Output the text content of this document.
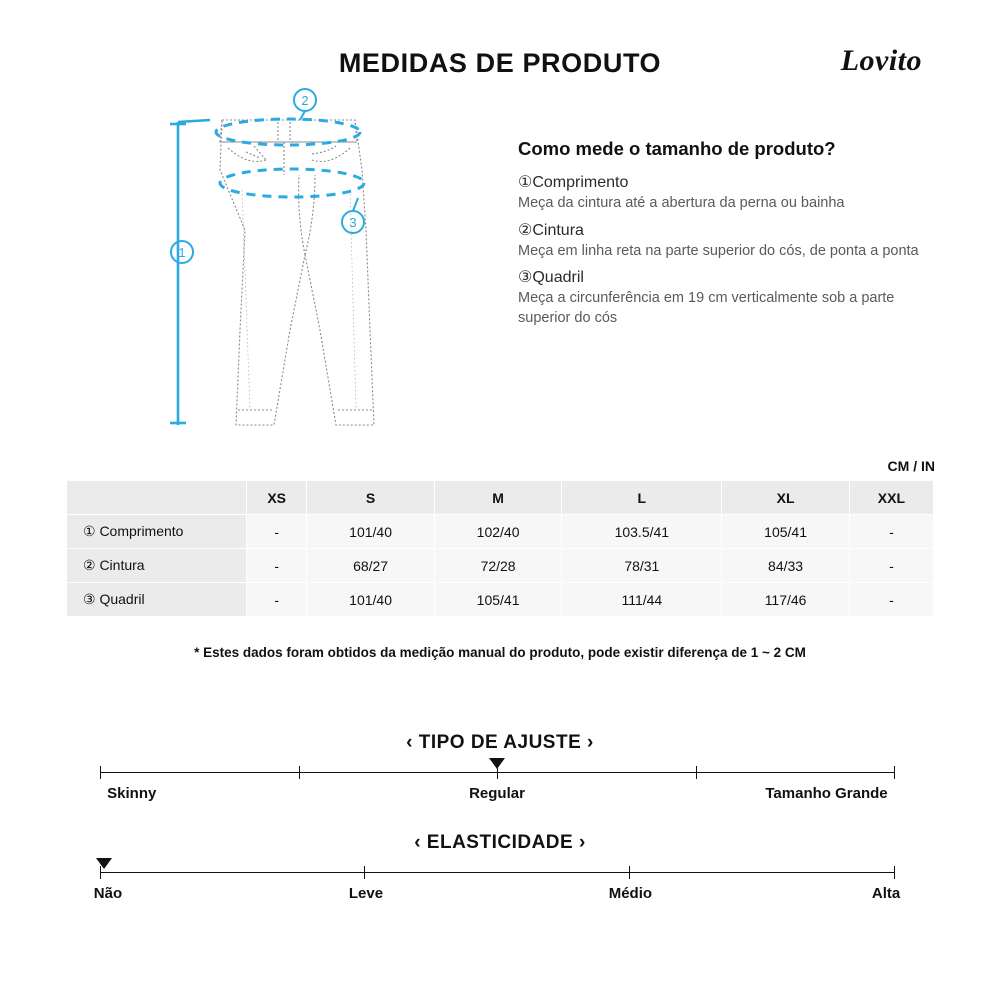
MEDIDAS DE PRODUTO	Lovito
2
3
1
Como mede o tamanho de produto?
①Comprimento
Meça da cintura até a abertura da perna ou bainha
②Cintura
Meça em linha reta na parte superior do cós, de ponta a ponta
③Quadril
Meça a circunferência em 19 cm verticalmente sob a parte superior do cós
CM / IN
	XS	S	M	L	XL	XXL
① Comprimento	-	101/40	102/40	103.5/41	105/41	-
② Cintura	-	68/27	72/28	78/31	84/33	-
③ Quadril	-	101/40	105/41	111/44	117/46	-
* Estes dados foram obtidos da medição manual do produto, pode existir diferença de 1 ~ 2 CM
‹ TIPO DE AJUSTE ›
Skinny	Regular	Tamanho Grande
‹ ELASTICIDADE ›
Não	Leve	Médio	Alta
